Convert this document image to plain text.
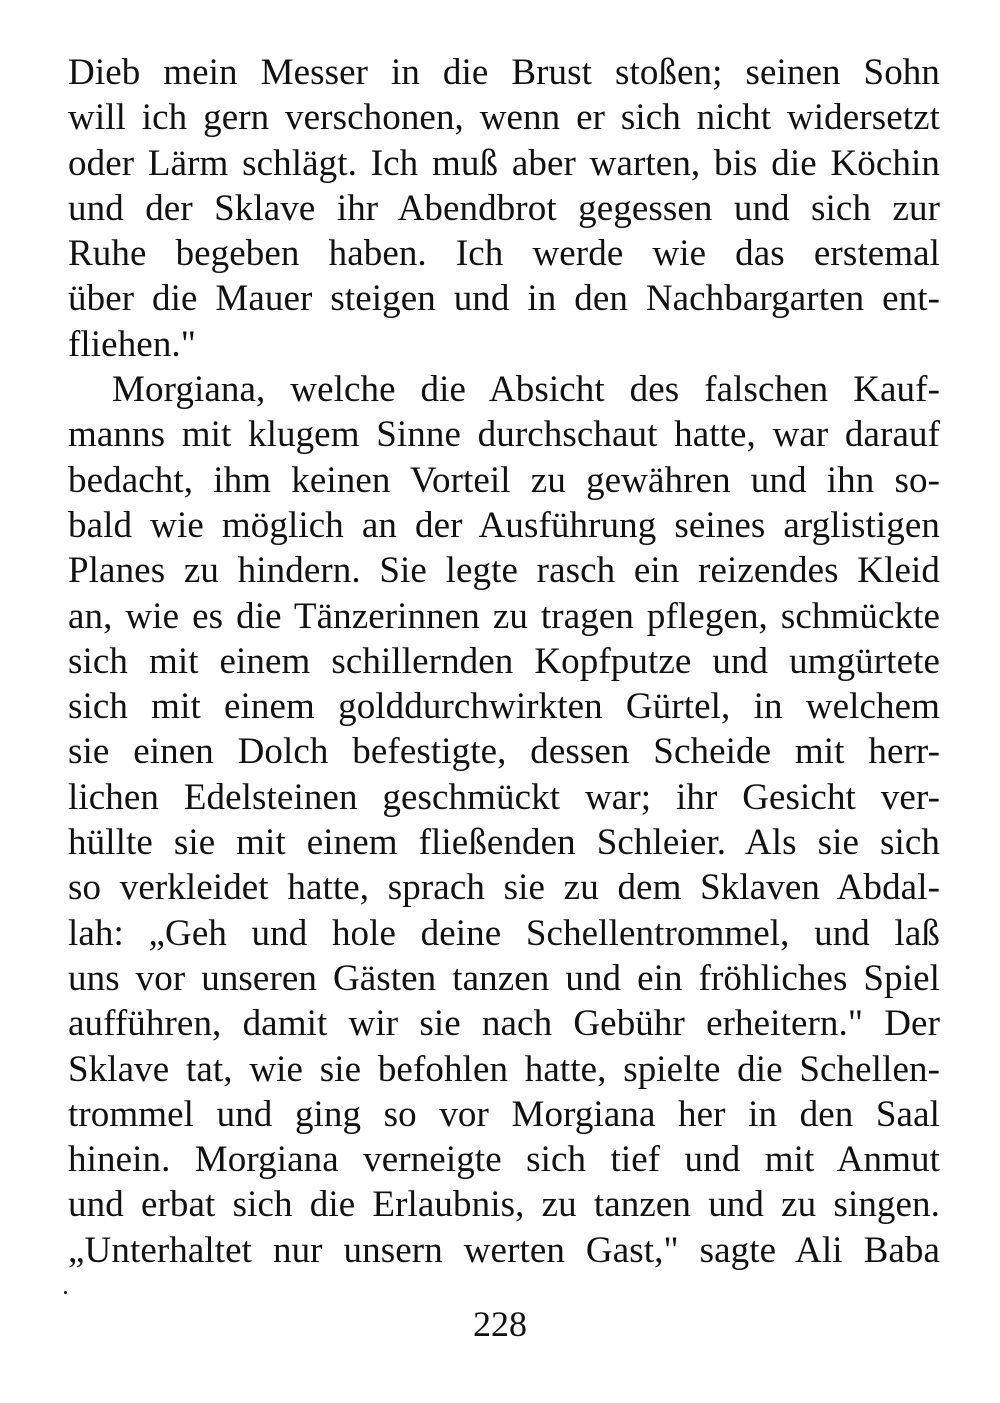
Dieb mein Messer in die Brust stoßen; seinen Sohn
will ich gern verschonen, wenn er sich nicht widersetzt
oder Lärm schlägt. Ich muß aber warten, bis die Köchin
und der Sklave ihr Abendbrot gegessen und sich zur
Ruhe begeben haben. Ich werde wie das erstemal
über die Mauer steigen und in den Nachbargarten ent-
fliehen."
Morgiana, welche die Absicht des falschen Kauf-
manns mit klugem Sinne durchschaut hatte, war darauf
bedacht, ihm keinen Vorteil zu gewähren und ihn so-
bald wie möglich an der Ausführung seines arglistigen
Planes zu hindern. Sie legte rasch ein reizendes Kleid
an, wie es die Tänzerinnen zu tragen pflegen, schmückte
sich mit einem schillernden Kopfputze und umgürtete
sich mit einem golddurchwirkten Gürtel, in welchem
sie einen Dolch befestigte, dessen Scheide mit herr-
lichen Edelsteinen geschmückt war; ihr Gesicht ver-
hüllte sie mit einem fließenden Schleier. Als sie sich
so verkleidet hatte, sprach sie zu dem Sklaven Abdal-
lah: „Geh und hole deine Schellentrommel, und laß
uns vor unseren Gästen tanzen und ein fröhliches Spiel
aufführen, damit wir sie nach Gebühr erheitern." Der
Sklave tat, wie sie befohlen hatte, spielte die Schellen-
trommel und ging so vor Morgiana her in den Saal
hinein. Morgiana verneigte sich tief und mit Anmut
und erbat sich die Erlaubnis, zu tanzen und zu singen.
„Unterhaltet nur unsern werten Gast," sagte Ali Baba
228
